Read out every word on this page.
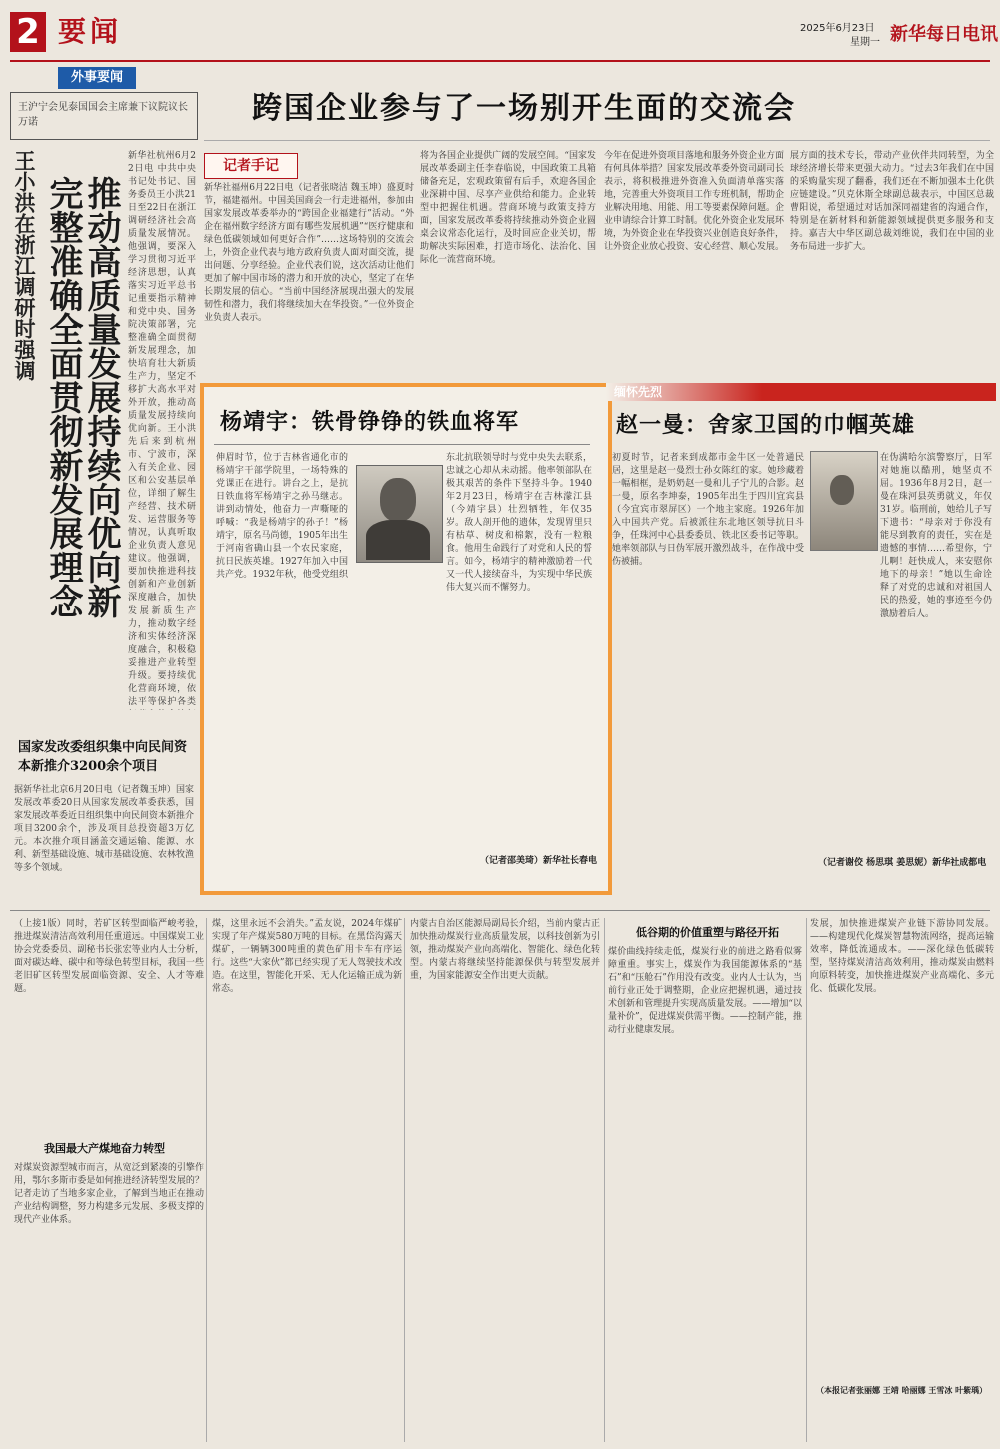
2 要闻	2025年6月23日
星期一 新华每日电讯
外事要闻
王沪宁会见泰国国会主席兼下议院议长万诺	跨国企业参与了一场别开生面的交流会
王小洪在浙江调研时强调 推动高质量发展持续向优向新
完整准确全面贯彻新发展理念
新华社杭州6月22日电 中共中央书记处书记、国务委员王小洪21日至22日在浙江调研经济社会高质量发展情况。他强调，要深入学习贯彻习近平经济思想，认真落实习近平总书记重要指示精神和党中央、国务院决策部署，完整准确全面贯彻新发展理念，加快培育壮大新质生产力，坚定不移扩大高水平对外开放，推动高质量发展持续向优向新。王小洪先后来到杭州市、宁波市，深入有关企业、园区和公安基层单位，详细了解生产经营、技术研发、运营服务等情况，认真听取企业负责人意见建议。他强调，要加快推进科技创新和产业创新深度融合，加快发展新质生产力，推动数字经济和实体经济深度融合，积极稳妥推进产业转型升级。要持续优化营商环境，依法平等保护各类
记者手记
新华社福州6月22日电（记者张晓洁 魏玉坤）盛夏时节，福建福州。中国美国商会一行走进福州，参加由国家发展改革委举办的“跨国企业福建行”活动。“外企在福州数字经济方面有哪些发展机遇”“医疗健康和绿色低碳领域如何更好合作”……这场特别的交流会上，外资企业代表与地方政府负责人面对面交流，提出问题、分享经验。企业代表们说，这次活动让他们更加了解中国市场的潜力和开放的决心，坚定了在华长期发展的信心。“当前中国经济展现出强大的发展韧性和潜力，我们将继续加大在华投资。”一位外资企业负责人表示。
将为各国企业提供广阔的发展空间。“国家发展改革委副主任李春临说，中国政策工具箱储备充足，宏观政策留有后手，欢迎各国企业深耕中国、尽享产业供给和能力。企业转型中把握住机遇。营商环境与政策支持方面，国家发展改革委将持续推动外资企业圆桌会议常态化运行，及时回应企业关切，帮助解决实际困难，打造市场化、法治化、国际化一流营商环境。
今年在促进外资项目落地和服务外资企业方面有何具体举措？国家发展改革委外资司副司长表示，将积极推进外资准入负面清单落实落地，完善重大外资项目工作专班机制，帮助企业解决用地、用能、用工等要素保障问题。企业申请综合计算工时制。优化外资企业发展环境，为外资企业在华投资兴业创造良好条件，让外资企业放心投资、安心经营、顺心发展。
展方面的技术专长，带动产业伙伴共同转型，为全球经济增长带来更强大动力。“过去3年我们在中国的采购量实现了翻番，我们还在不断加强本土化供应链建设。”贝克休斯全球副总裁表示，中国区总裁曹阳说，希望通过对话加深同福建省的沟通合作，特别是在新材料和新能源领域提供更多服务和支持。嘉吉大中华区副总裁刘维说，我们在中国的业务布局进一步扩大。
杨靖宇：铁骨铮铮的铁血将军
伸眉时节，位于吉林省通化市的杨靖宇干部学院里，一场特殊的党课正在进行。讲台之上，是抗日铁血将军杨靖宇之孙马继志。讲到动情处，他奋力一声嘶哑的呼喊：“我是杨靖宇的孙子！”杨靖宇，原名马尚德，1905年出生于河南省确山县一个农民家庭，抗日民族英雄。1927年加入中国共产党。1932年秋，他受党组织
东北抗联领导时与党中央失去联系，忠诚之心却从未动摇。他率领部队在极其艰苦的条件下坚持斗争。1940年2月23日，杨靖宇在吉林濛江县（今靖宇县）壮烈牺牲，年仅35岁。敌人剖开他的遗体，发现胃里只有枯草、树皮和棉絮，没有一粒粮食。他用生命践行了对党和人民的誓言。如今，杨靖宇的精神激励着一代又一代人接续奋斗，为实现中华民族伟大复兴而不懈努力。
（记者邵美琦）新华社长春电
缅怀先烈
赵一曼：舍家卫国的巾帼英雄
初夏时节，记者来到成都市金牛区一处普通民居，这里是赵一曼烈士孙女陈红的家。她珍藏着一幅相框，是奶奶赵一曼和儿子宁儿的合影。赵一曼，原名李坤泰，1905年出生于四川宜宾县（今宜宾市翠屏区）一个地主家庭。1926年加入中国共产党。后被派往东北地区领导抗日斗争，任珠河中心县委委员、铁北区委书记等职。她率领部队与日伪军展开激烈战斗，在作战中受伤被捕。
在伪满哈尔滨警察厅，日军对她施以酷刑，她坚贞不屈。1936年8月2日，赵一曼在珠河县英勇就义，年仅31岁。临刑前，她给儿子写下遗书：“母亲对于你没有能尽到教育的责任，实在是遗憾的事情……希望你，宁儿啊！赶快成人，来安慰你地下的母亲！”她以生命诠释了对党的忠诚和对祖国人民的热爱，她的事迹至今仍激励着后人。
（记者谢佼 杨思琪 姜思妮）新华社成都电
国家发改委组织集中向民间资本新推介3200余个项目
据新华社北京6月20日电（记者魏玉坤）国家发展改革委20日从国家发展改革委获悉，国家发展改革委近日组织集中向民间资本新推介项目3200余个，涉及项目总投资超3万亿元。本次推介项目涵盖交通运输、能源、水利、新型基础设施、城市基础设施、农林牧渔等多个领域。
（上接1版）同时，若矿区转型面临严峻考验，推进煤炭清洁高效利用任重道远。中国煤炭工业协会党委委员、副秘书长张宏等业内人士分析，面对碳达峰、碳中和等绿色转型目标，我国一些老旧矿区转型发展面临资源、安全、人才等难题。
我国最大产煤地奋力转型
对煤炭资源型城市而言，从宽泛到紧凑的引擎作用，鄂尔多斯市委是如何推进经济转型发展的？记者走访了当地多家企业，了解到当地正在推动产业结构调整，努力构建多元发展、多极支撑的现代产业体系。
煤，这里永远不会消失。”孟友说，2024年煤矿实现了年产煤炭580万吨的目标。在黑岱沟露天煤矿，一辆辆300吨重的黄色矿用卡车有序运行。这些“大家伙”都已经实现了无人驾驶技术改造。在这里，智能化开采、无人化运输正成为新常态。
内蒙古自治区能源局副局长介绍，当前内蒙古正加快推动煤炭行业高质量发展，以科技创新为引领，推动煤炭产业向高端化、智能化、绿色化转型。内蒙古将继续坚持能源保供与转型发展并重，为国家能源安全作出更大贡献。
低谷期的价值重塑与路径开拓
煤价曲线持续走低，煤炭行业的前进之路看似雾障重重。事实上，煤炭作为我国能源体系的“基石”和“压舱石”作用没有改变。业内人士认为，当前行业正处于调整期，企业应把握机遇，通过技术创新和管理提升实现高质量发展。——增加“以量补价”，促进煤炭供需平衡。——控制产能，推动行业健康发展。
发展，加快推进煤炭产业链下游协同发展。——构建现代化煤炭智慧物流网络，提高运输效率，降低流通成本。——深化绿色低碳转型，坚持煤炭清洁高效利用，推动煤炭由燃料向原料转变，加快推进煤炭产业高端化、多元化、低碳化发展。
（本报记者张丽娜 王靖 哈丽娜 王雪冰 叶紫瑀）
